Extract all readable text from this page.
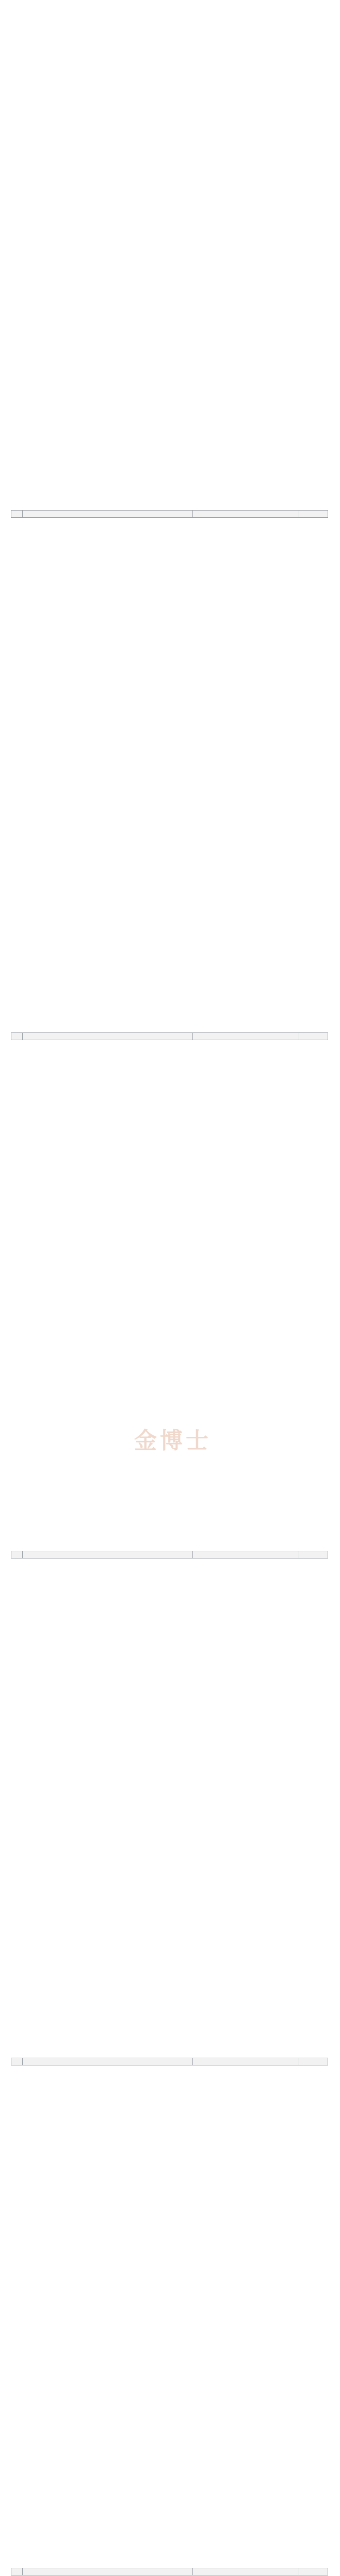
金博士
